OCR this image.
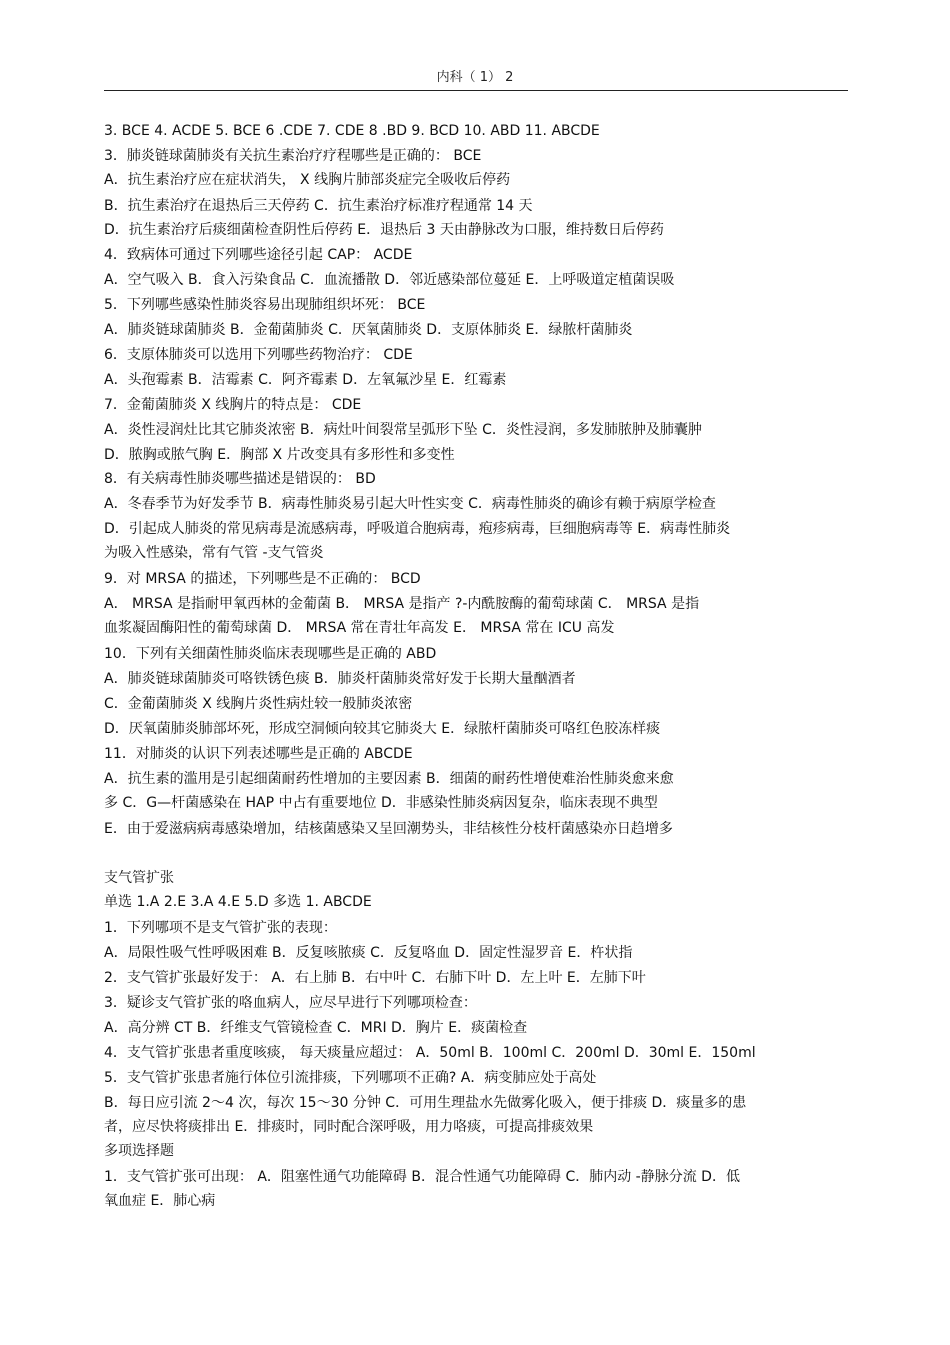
内科（ 1） 2
3. BCE 4. ACDE 5. BCE 6 .CDE 7. CDE 8 .BD 9. BCD 10. ABD 11. ABCDE
3．肺炎链球菌肺炎有关抗生素治疗疗程哪些是正确的： BCE
A．抗生素治疗应在症状消失， X 线胸片肺部炎症完全吸收后停药
B．抗生素治疗在退热后三天停药 C．抗生素治疗标准疗程通常 14 天
D．抗生素治疗后痰细菌检查阴性后停药 E．退热后 3 天由静脉改为口服，维持数日后停药
4．致病体可通过下列哪些途径引起 CAP： ACDE
A．空气吸入 B．食入污染食品 C．血流播散 D．邻近感染部位蔓延 E．上呼吸道定植菌误吸
5．下列哪些感染性肺炎容易出现肺组织坏死： BCE
A．肺炎链球菌肺炎 B．金葡菌肺炎 C．厌氧菌肺炎 D．支原体肺炎 E．绿脓杆菌肺炎
6．支原体肺炎可以选用下列哪些药物治疗： CDE
A．头孢霉素 B．洁霉素 C．阿齐霉素 D．左氧氟沙星 E．红霉素
7．金葡菌肺炎 X 线胸片的特点是： CDE
A．炎性浸润灶比其它肺炎浓密 B．病灶叶间裂常呈弧形下坠 C．炎性浸润，多发肺脓肿及肺囊肿
D．脓胸或脓气胸 E．胸部 X 片改变具有多形性和多变性
8．有关病毒性肺炎哪些描述是错误的： BD
A．冬春季节为好发季节 B．病毒性肺炎易引起大叶性实变 C．病毒性肺炎的确诊有赖于病原学检查
D．引起成人肺炎的常见病毒是流感病毒，呼吸道合胞病毒，疱疹病毒，巨细胞病毒等 E．病毒性肺炎
为吸入性感染，常有气管 -支气管炎
9．对 MRSA 的描述，下列哪些是不正确的： BCD
A． MRSA 是指耐甲氧西林的金葡菌 B． MRSA 是指产 ?-内酰胺酶的葡萄球菌 C． MRSA 是指
血浆凝固酶阳性的葡萄球菌 D． MRSA 常在青壮年高发 E． MRSA 常在 ICU 高发
10．下列有关细菌性肺炎临床表现哪些是正确的 ABD
A．肺炎链球菌肺炎可咯铁锈色痰 B．肺炎杆菌肺炎常好发于长期大量酗酒者
C．金葡菌肺炎 X 线胸片炎性病灶较一般肺炎浓密
D．厌氧菌肺炎肺部坏死，形成空洞倾向较其它肺炎大 E．绿脓杆菌肺炎可咯红色胶冻样痰
11．对肺炎的认识下列表述哪些是正确的 ABCDE
A．抗生素的滥用是引起细菌耐药性增加的主要因素 B．细菌的耐药性增使难治性肺炎愈来愈
多 C．G—杆菌感染在 HAP 中占有重要地位 D．非感染性肺炎病因复杂，临床表现不典型
E．由于爱滋病病毒感染增加，结核菌感染又呈回潮势头，非结核性分枝杆菌感染亦日趋增多
支气管扩张
单选 1.A 2.E 3.A 4.E 5.D 多选 1. ABCDE
1．下列哪项不是支气管扩张的表现：
A．局限性吸气性呼吸困难 B．反复咳脓痰 C．反复咯血 D．固定性湿罗音 E．杵状指
2．支气管扩张最好发于： A．右上肺 B．右中叶 C．右肺下叶 D．左上叶 E．左肺下叶
3．疑诊支气管扩张的咯血病人，应尽早进行下列哪项检查：
A．高分辨 CT B．纤维支气管镜检查 C．MRI D．胸片 E．痰菌检查
4．支气管扩张患者重度咳痰， 每天痰量应超过： A．50ml B．100ml C．200ml D．30ml E．150ml
5．支气管扩张患者施行体位引流排痰，下列哪项不正确? A．病变肺应处于高处
B．每日应引流 2～4 次，每次 15～30 分钟 C．可用生理盐水先做雾化吸入，便于排痰 D．痰量多的患
者，应尽快将痰排出 E．排痰时，同时配合深呼吸，用力咯痰，可提高排痰效果
多项选择题
1．支气管扩张可出现： A．阻塞性通气功能障碍 B．混合性通气功能障碍 C．肺内动 -静脉分流 D．低
氧血症 E．肺心病
